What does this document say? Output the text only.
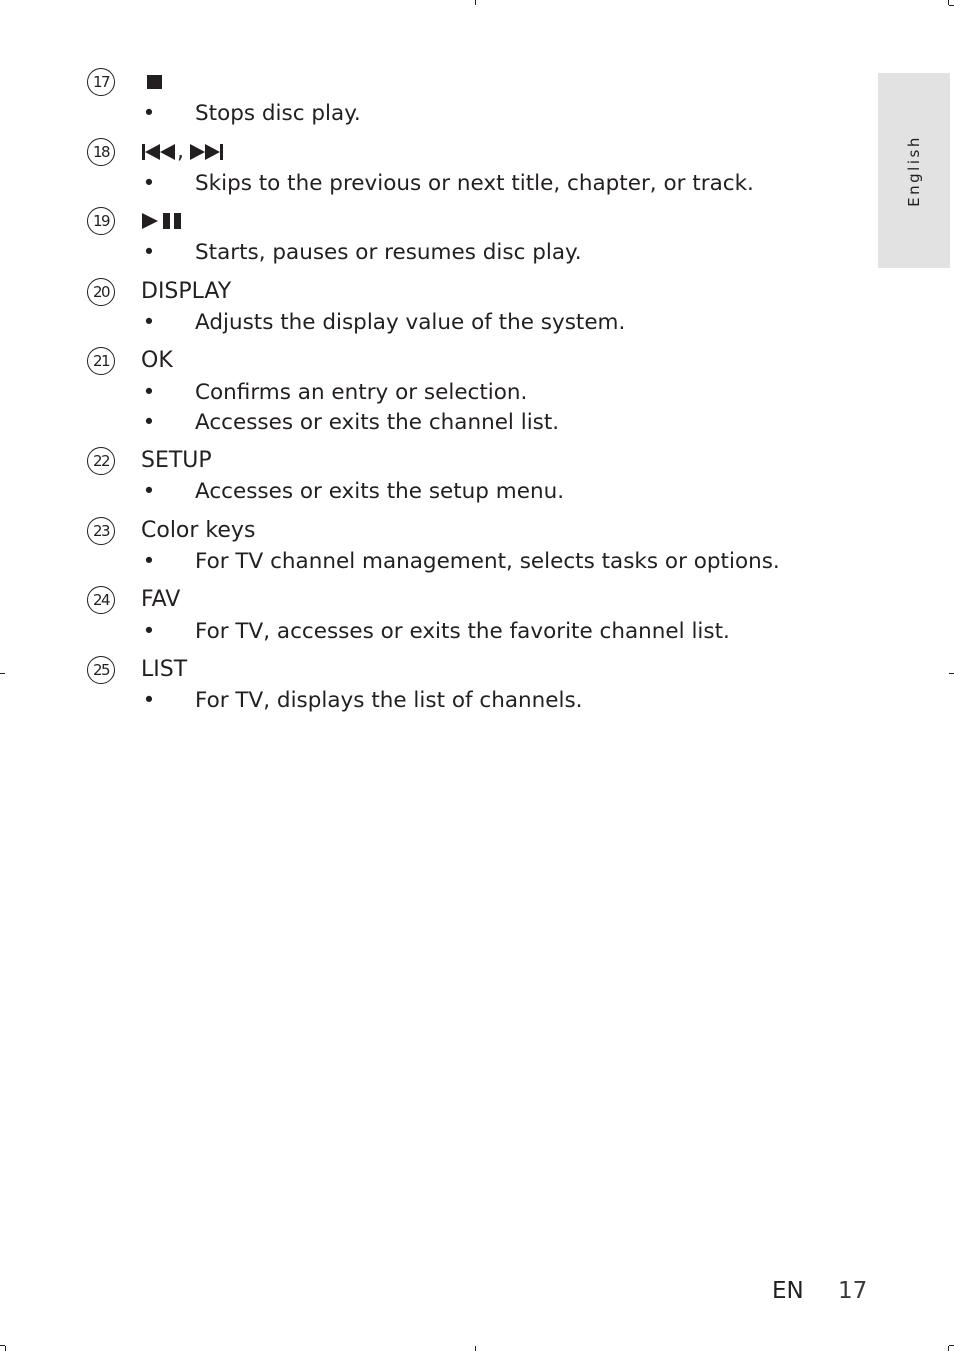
English
17
• Stops disc play.
18	,
• Skips to the previous or next title, chapter, or track.
19
• Starts, pauses or resumes disc play.
20 DISPLAY
• Adjusts the display value of the system.
21 OK
• Confirms an entry or selection.
• Accesses or exits the channel list.
22 SETUP
• Accesses or exits the setup menu.
23 Color keys
• For TV channel management, selects tasks or options.
24 FAV
• For TV, accesses or exits the favorite channel list.
25 LIST
• For TV, displays the list of channels.
EN 17
